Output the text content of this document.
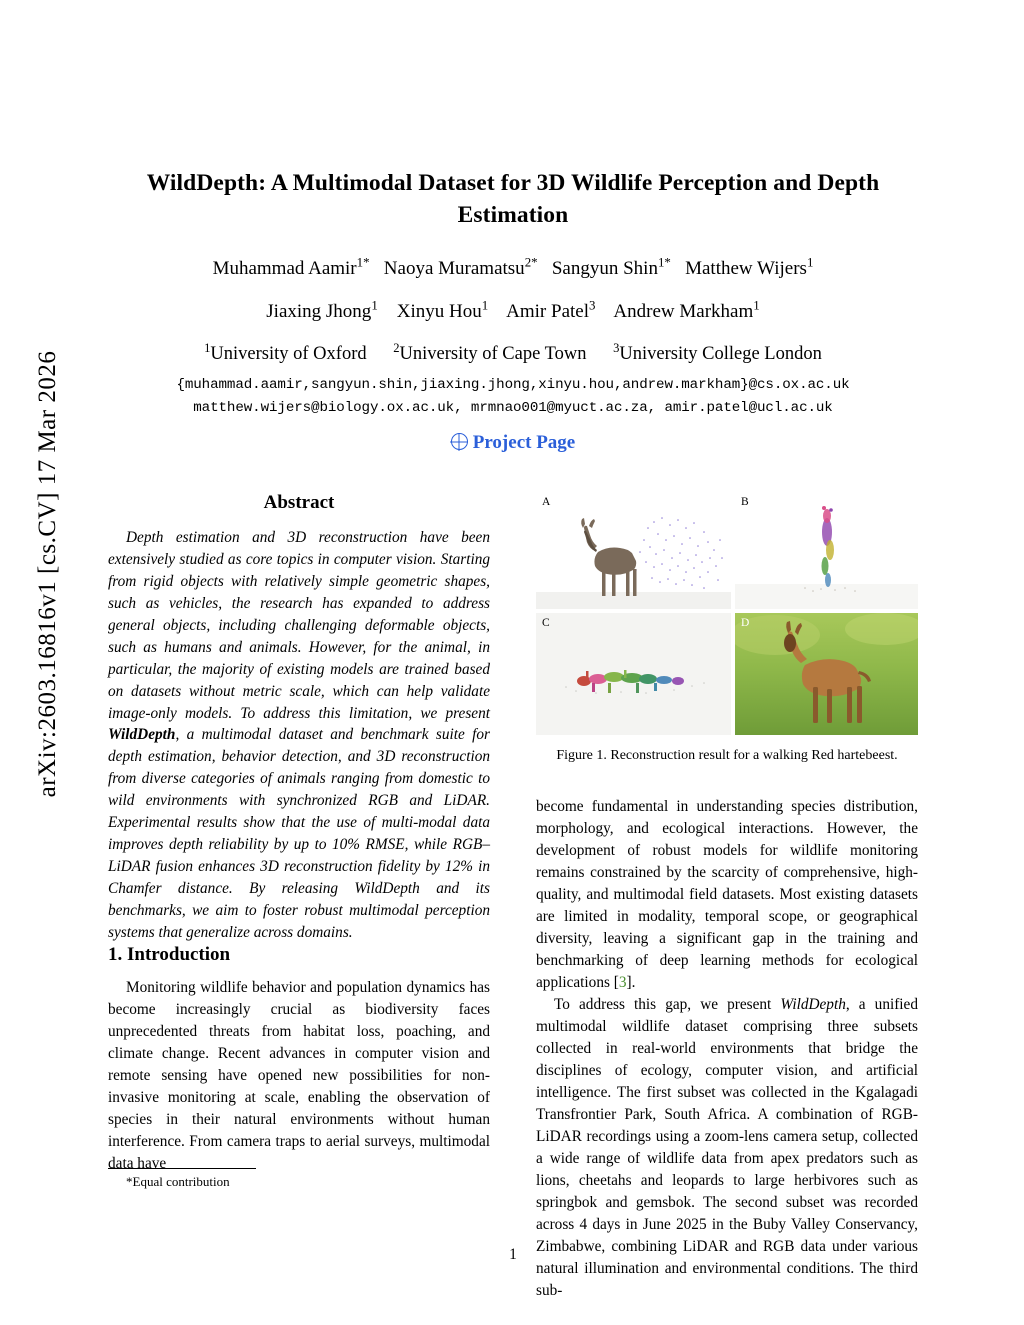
arXiv:2603.16816v1 [cs.CV] 17 Mar 2026
WildDepth: A Multimodal Dataset for 3D Wildlife Perception and Depth Estimation
Muhammad Aamir$^{1*}$ Naoya Muramatsu$^{2*}$ Sangyun Shin$^{1*}$ Matthew Wijers$^1$
Jiaxing Jhong$^1$ Xinyu Hou$^1$ Amir Patel$^3$ Andrew Markham$^1$
$^1$University of Oxford $^2$University of Cape Town $^3$University College London
{muhammad.aamir,sangyun.shin,jiaxing.jhong,xinyu.hou,andrew.markham}@cs.ox.ac.uk
matthew.wijers@biology.ox.ac.uk, mrmnao001@myuct.ac.za, amir.patel@ucl.ac.uk
Project Page
Abstract

Depth estimation and 3D reconstruction have been extensively studied as core topics in computer vision. Starting from rigid objects with relatively simple geometric shapes, such as vehicles, the research has expanded to address general objects, including challenging deformable objects, such as humans and animals. However, for the animal, in particular, the majority of existing models are trained based on datasets without metric scale, which can help validate image-only models. To address this limitation, we present WildDepth, a multimodal dataset and benchmark suite for depth estimation, behavior detection, and 3D reconstruction from diverse categories of animals ranging from domestic to wild environments with synchronized RGB and LiDAR. Experimental results show that the use of multi-modal data improves depth reliability by up to 10% RMSE, while RGB–LiDAR fusion enhances 3D reconstruction fidelity by 12% in Chamfer distance. By releasing WildDepth and its benchmarks, we aim to foster robust multimodal perception systems that generalize across domains.

1. Introduction

Monitoring wildlife behavior and population dynamics has become increasingly crucial as biodiversity faces unprecedented threats from habitat loss, poaching, and climate change. Recent advances in computer vision and remote sensing have opened new possibilities for non-invasive monitoring at scale, enabling the observation of species in their natural environments without human interference. From camera traps to aerial surveys, multimodal data have

A	B
C	D
Figure 1. Reconstruction result for a walking Red hartebeest.

become fundamental in understanding species distribution, morphology, and ecological interactions. However, the development of robust models for wildlife monitoring remains constrained by the scarcity of comprehensive, high-quality, and multimodal field datasets. Most existing datasets are limited in modality, temporal scope, or geographical diversity, leaving a significant gap in the training and benchmarking of deep learning methods for ecological applications [3].

To address this gap, we present WildDepth, a unified multimodal wildlife dataset comprising three subsets collected in real-world environments that bridge the disciplines of ecology, computer vision, and artificial intelligence. The first subset was collected in the Kgalagadi Transfrontier Park, South Africa. A combination of RGB-LiDAR recordings using a zoom-lens camera setup, collected a wide range of wildlife data from apex predators such as lions, cheetahs and leopards to large herbivores such as springbok and gemsbok. The second subset was recorded across 4 days in June 2025 in the Buby Valley Conservancy, Zimbabwe, combining LiDAR and RGB data under various natural illumination and environmental conditions. The third sub-

*Equal contribution
1
